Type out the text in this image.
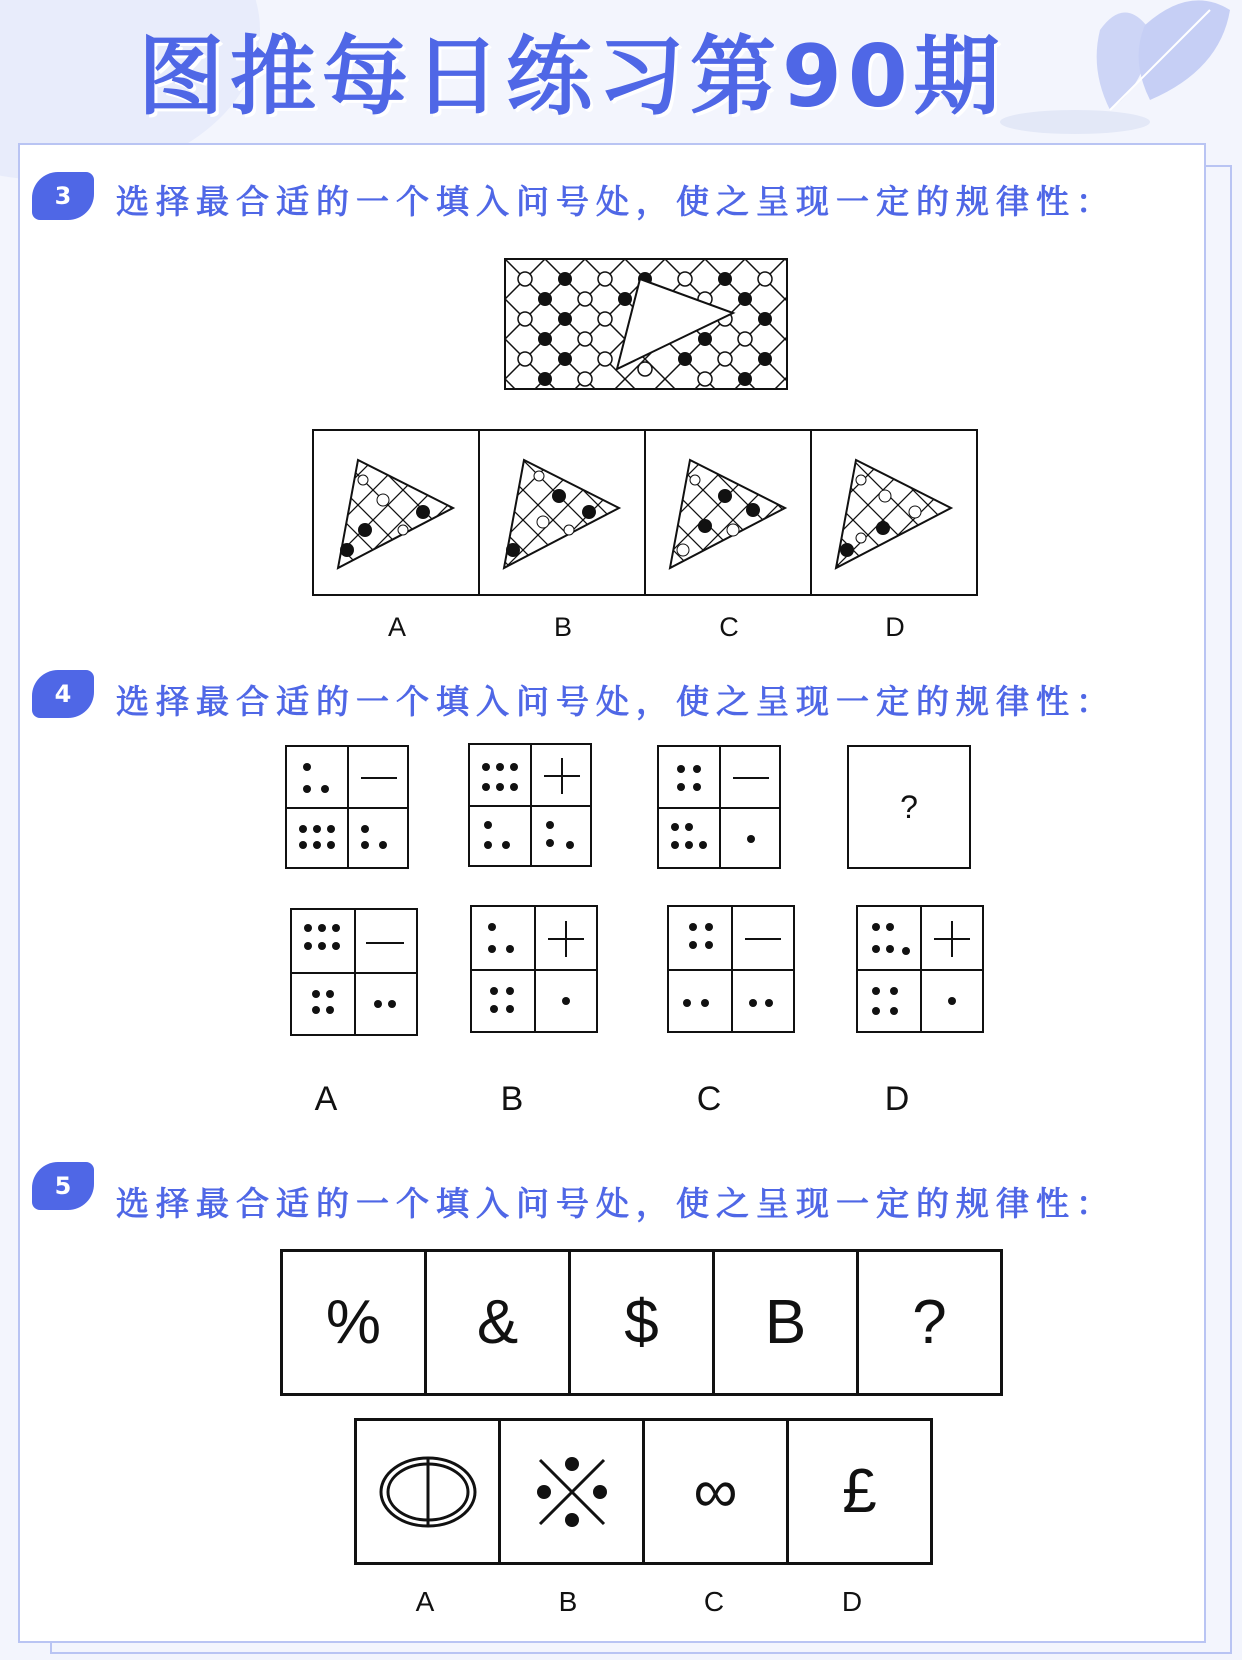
图推每日练习第90期
3 选择最合适的一个填入问号处，使之呈现一定的规律性：
A	B	C	D
4 选择最合适的一个填入问号处，使之呈现一定的规律性：
?
A	B	C	D
5 选择最合适的一个填入问号处，使之呈现一定的规律性：
%	&	$	B	?
∞	£
A	B	C	D
